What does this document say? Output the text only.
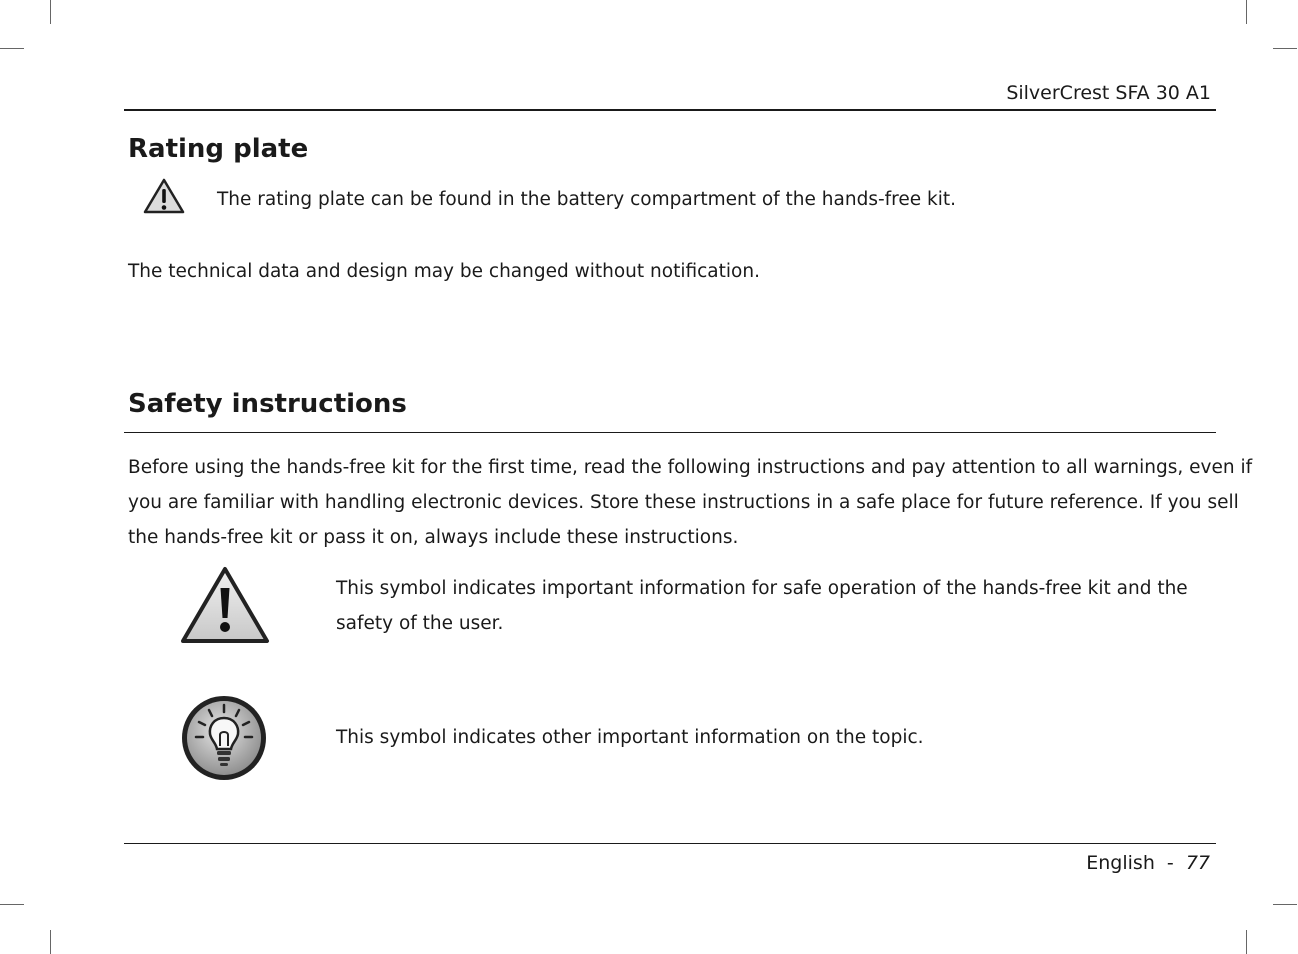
SilverCrest SFA 30 A1
Rating plate
The rating plate can be found in the battery compartment of the hands-free kit.
The technical data and design may be changed without notification.
Safety instructions
Before using the hands-free kit for the first time, read the following instructions and pay attention to all warnings, even if
you are familiar with handling electronic devices. Store these instructions in a safe place for future reference. If you sell
the hands-free kit or pass it on, always include these instructions.
This symbol indicates important information for safe operation of the hands-free kit and the
safety of the user.
This symbol indicates other important information on the topic.
English - 77
